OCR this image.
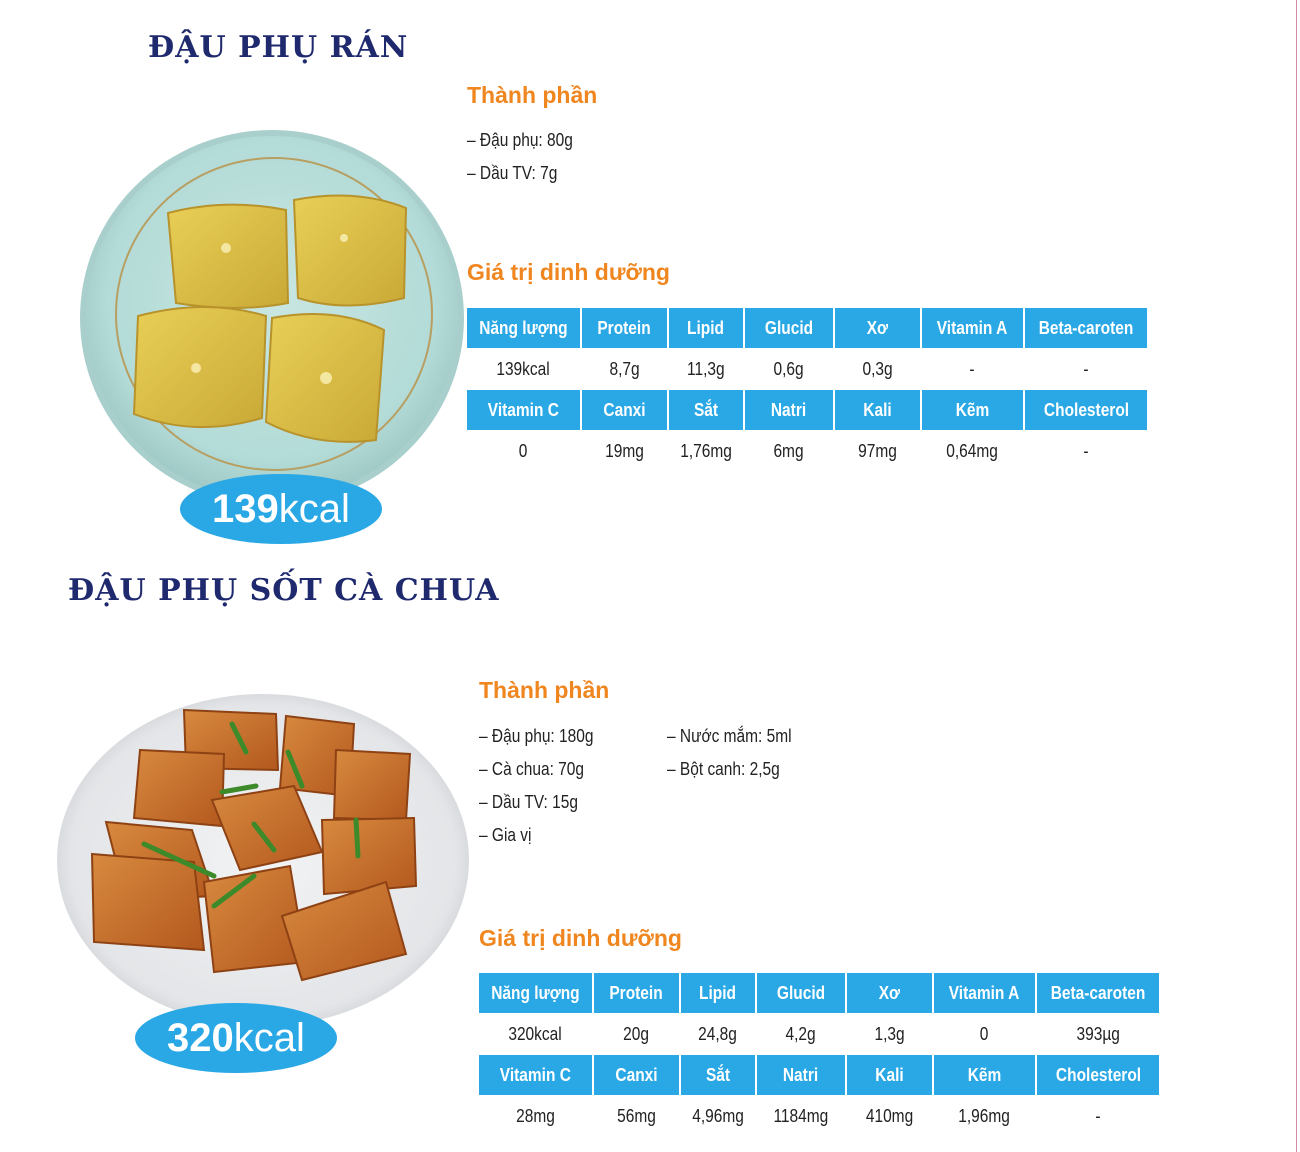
ĐẬU PHỤ RÁN
139 kcal
Thành phần
– Đậu phụ: 80g
– Dầu TV: 7g
Giá trị dinh dưỡng
Năng lượng	Protein	Lipid	Glucid	Xơ	Vitamin A	Beta-caroten
139kcal	8,7g	11,3g	0,6g	0,3g	-	-
Vitamin C	Canxi	Sắt	Natri	Kali	Kẽm	Cholesterol
0	19mg	1,76mg	6mg	97mg	0,64mg	-
ĐẬU PHỤ SỐT CÀ CHUA
320 kcal
Thành phần
– Đậu phụ: 180g
– Cà chua: 70g
– Dầu TV: 15g
– Gia vị
– Nước mắm: 5ml
– Bột canh: 2,5g
Giá trị dinh dưỡng
Năng lượng	Protein	Lipid	Glucid	Xơ	Vitamin A	Beta-caroten
320kcal	20g	24,8g	4,2g	1,3g	0	393µg
Vitamin C	Canxi	Sắt	Natri	Kali	Kẽm	Cholesterol
28mg	56mg	4,96mg	1184mg	410mg	1,96mg	-
